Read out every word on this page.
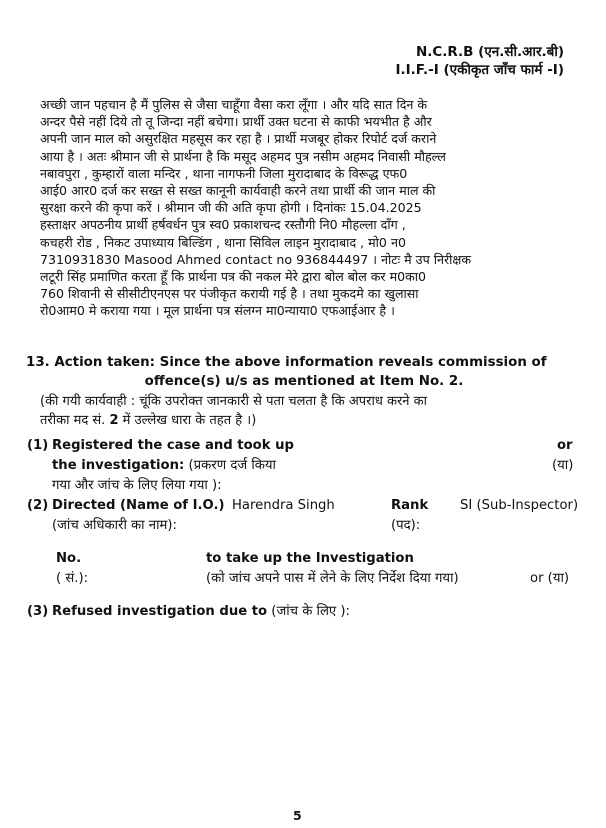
N.C.R.B (एन.सी.आर.बी)
I.I.F.-I (एकीकृत जाँच फार्म -I)
अच्छी जान पहचान है मैं पुलिस से जैसा चाहूँगा वैसा करा लूँगा । और यदि सात दिन के
अन्दर पैसे नहीं दिये तो तू जिन्दा नहीं बचेगा। प्रार्थी उक्त घटना से काफी भयभीत है और
अपनी जान माल को असुरक्षित महसूस कर रहा है । प्रार्थी मजबूर होकर रिपोर्ट दर्ज कराने
आया है । अतः श्रीमान जी से प्रार्थना है कि मसूद अहमद पुत्र नसीम अहमद निवासी मौहल्ल
नबावपुरा , कुम्हारों वाला मन्दिर , थाना नागफनी जिला मुरादाबाद के विरूद्ध एफ0
आई0 आर0 दर्ज कर सख्त से सख्त कानूनी कार्यवाही करने तथा प्रार्थी की जान माल की
सुरक्षा करने की कृपा करें । श्रीमान जी की अति कृपा होगी । दिनांकः 15.04.2025
हस्ताक्षर अपठनीय प्रार्थी हर्षवर्धन पुत्र स्व0 प्रकाशचन्द रस्तौगी नि0 मौहल्ला दाँग ,
कचहरी रोड , निकट उपाध्याय बिल्डिंग , थाना सिविल लाइन मुरादाबाद , मो0 न0
7310931830 Masood Ahmed contact no 936844497 । नोटः मै उप निरीक्षक
लटूरी सिंह प्रमाणित करता हूँ कि प्रार्थना पत्र की नकल मेरे द्वारा बोल बोल कर म0का0
760 शिवानी से सीसीटीएनएस पर पंजीकृत करायी गई है । तथा मुकदमे का खुलासा
रो0आम0 मे कराया गया । मूल प्रार्थना पत्र संलग्न मा0न्याया0 एफआईआर है ।
13. Action taken: Since the above information reveals commission of
offence(s) u/s as mentioned at Item No. 2.
(की गयी कार्यवाही : चूंकि उपरोक्त जानकारी से पता चलता है कि अपराध करने का
तरीका मद सं. 2 में उल्लेख धारा के तहत है ।)
(1) Registered the case and took up
the investigation: (प्रकरण दर्ज किया
गया और जांच के लिए लिया गया ):
or
(या)
(2) Directed (Name of I.O.)
(जांच अधिकारी का नाम):
Harendra Singh	Rank
(पद):
SI (Sub-Inspector)
No.
( सं.):
to take up the Investigation
(को जांच अपने पास में लेने के लिए निर्देश दिया गया)	or (या)
(3) Refused investigation due to (जांच के लिए ):
5
